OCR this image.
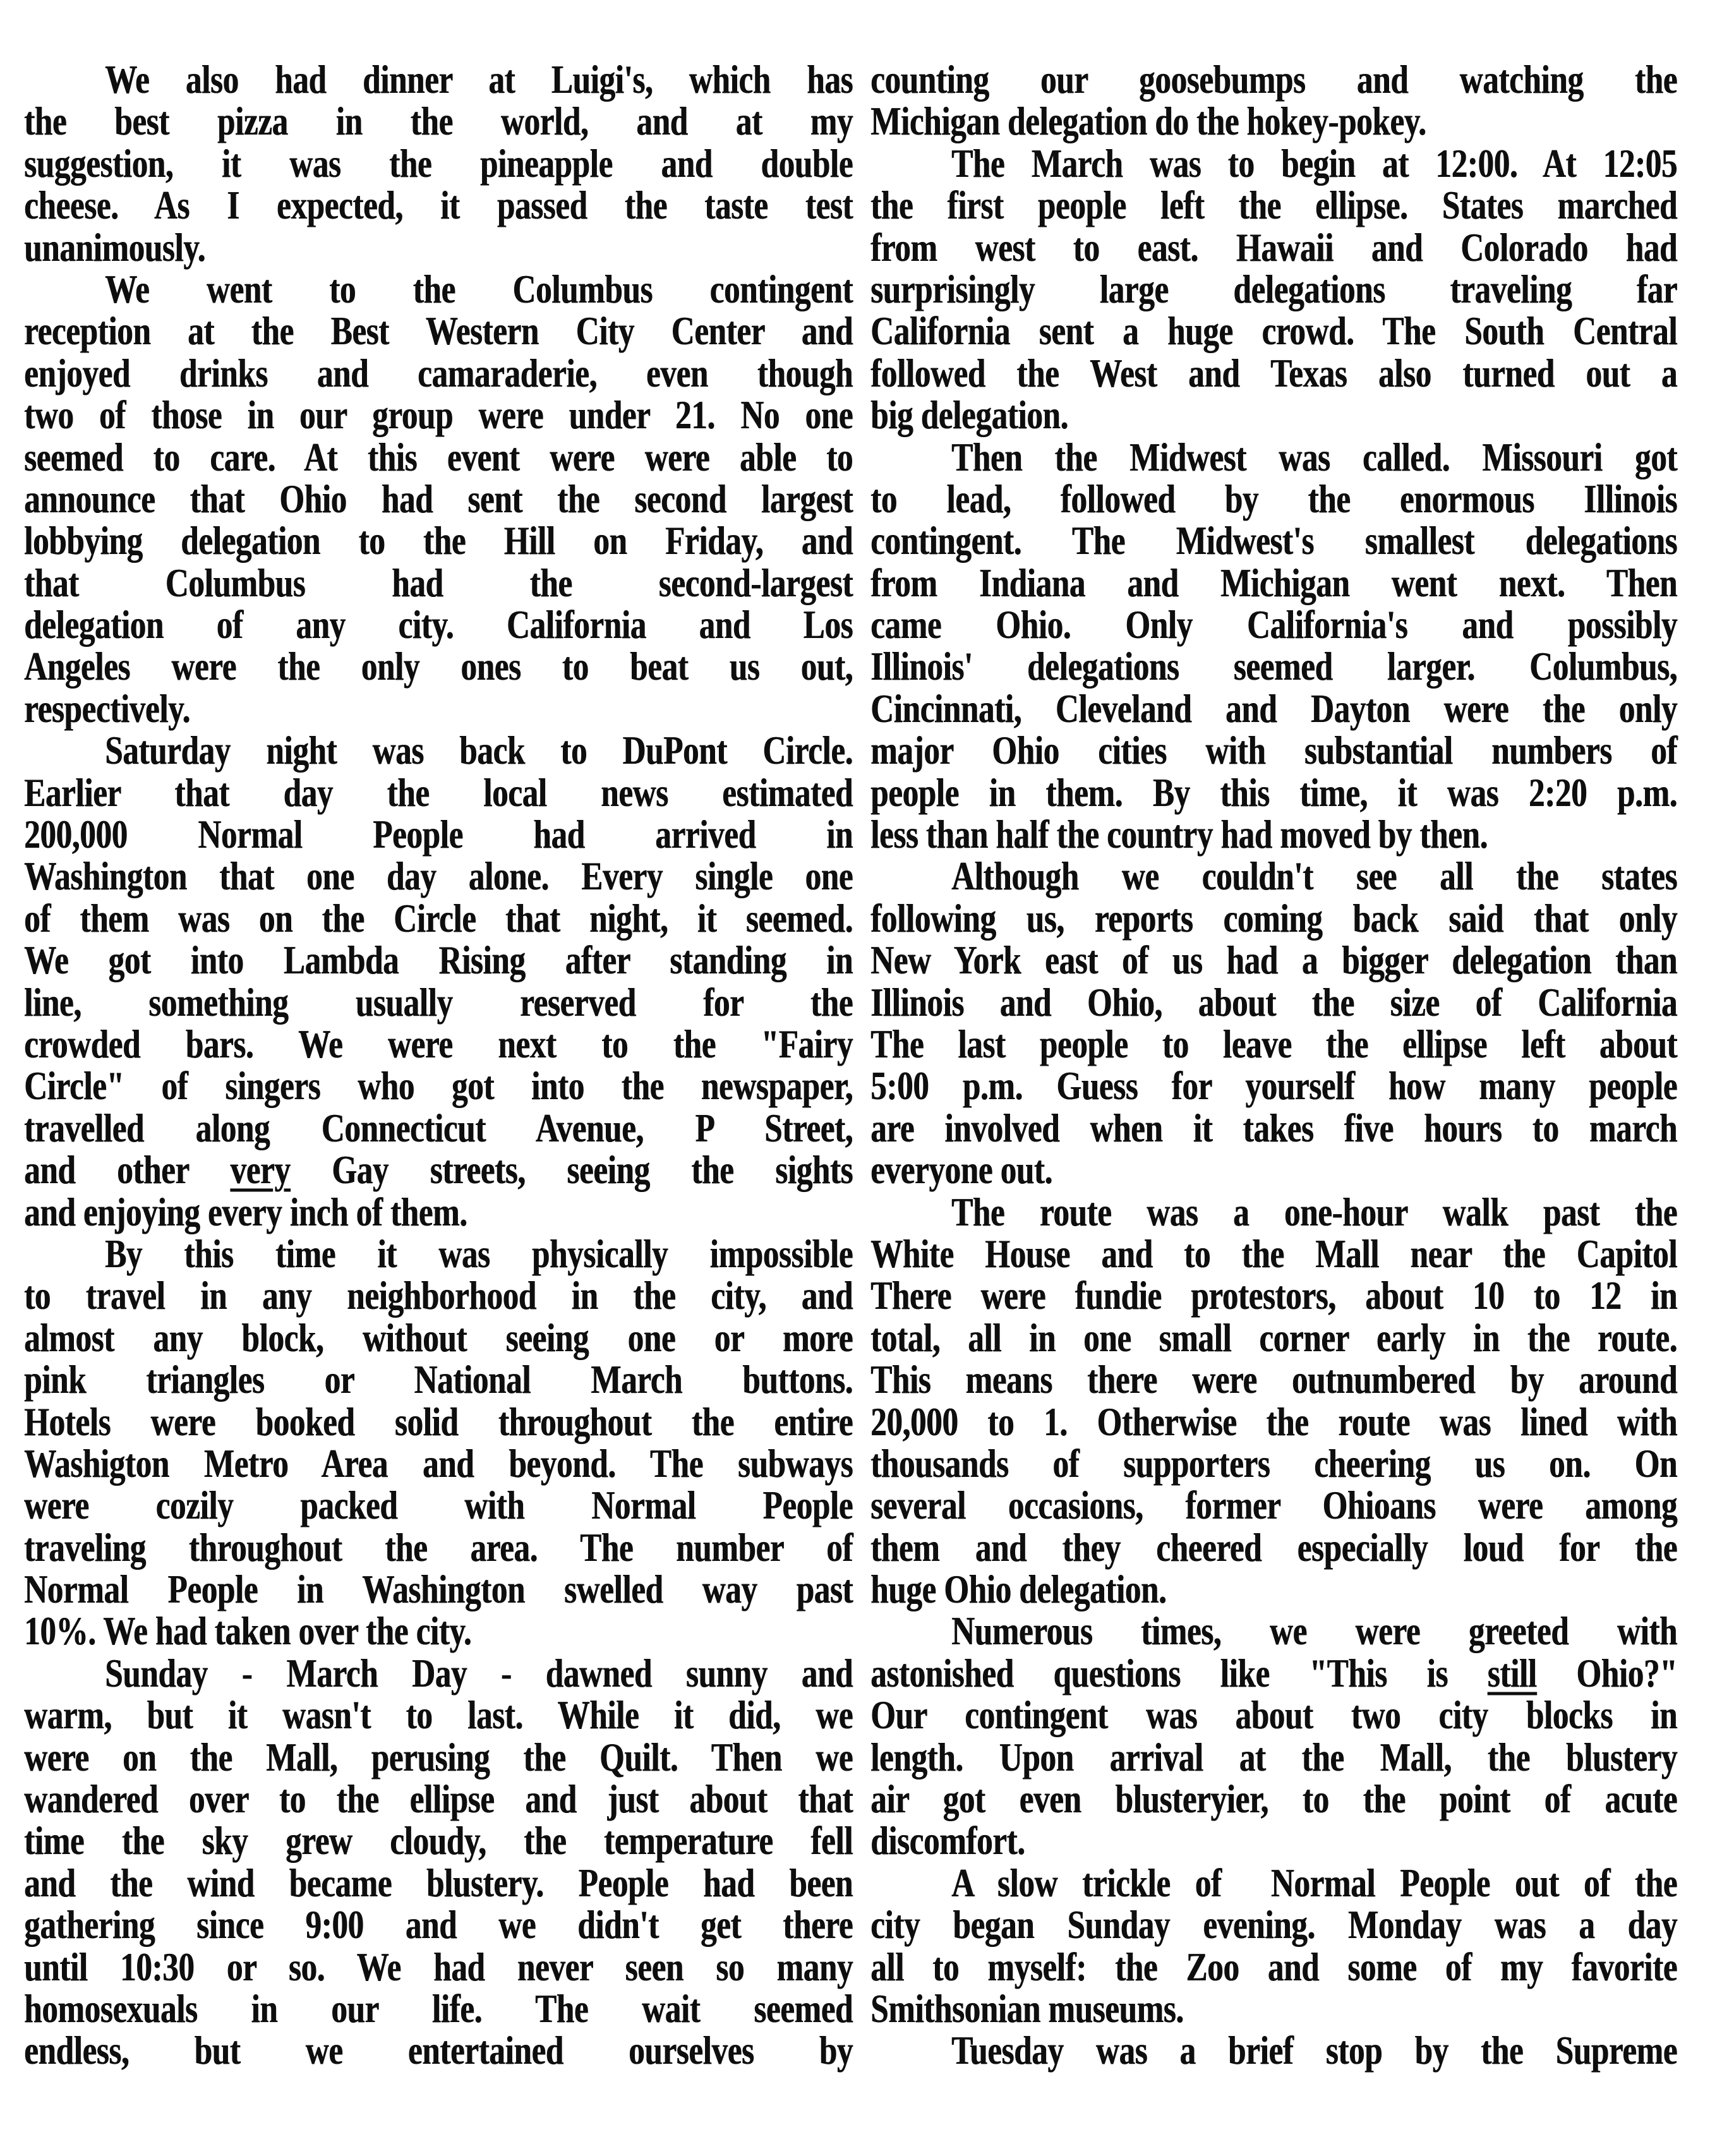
We also had dinner at Luigi's, which has
the best pizza in the world, and at my
suggestion, it was the pineapple and double
cheese. As I expected, it passed the taste test
unanimously.
We went to the Columbus contingent
reception at the Best Western City Center and
enjoyed drinks and camaraderie, even though
two of those in our group were under 21. No one
seemed to care. At this event were were able to
announce that Ohio had sent the second largest
lobbying delegation to the Hill on Friday, and
that Columbus had the second-largest
delegation of any city. California and Los
Angeles were the only ones to beat us out,
respectively.
Saturday night was back to DuPont Circle.
Earlier that day the local news estimated
200,000 Normal People had arrived in
Washington that one day alone. Every single one
of them was on the Circle that night, it seemed.
We got into Lambda Rising after standing in
line, something usually reserved for the
crowded bars. We were next to the "Fairy
Circle" of singers who got into the newspaper,
travelled along Connecticut Avenue, P Street,
and other very Gay streets, seeing the sights
and enjoying every inch of them.
By this time it was physically impossible
to travel in any neighborhood in the city, and
almost any block, without seeing one or more
pink triangles or National March buttons.
Hotels were booked solid throughout the entire
Washigton Metro Area and beyond. The subways
were cozily packed with Normal People
traveling throughout the area. The number of
Normal People in Washington swelled way past
10%. We had taken over the city.
Sunday - March Day - dawned sunny and
warm, but it wasn't to last. While it did, we
were on the Mall, perusing the Quilt. Then we
wandered over to the ellipse and just about that
time the sky grew cloudy, the temperature fell
and the wind became blustery. People had been
gathering since 9:00 and we didn't get there
until 10:30 or so. We had never seen so many
homosexuals in our life. The wait seemed
endless, but we entertained ourselves by
counting our goosebumps and watching the
Michigan delegation do the hokey-pokey.
The March was to begin at 12:00. At 12:05
the first people left the ellipse. States marched
from west to east. Hawaii and Colorado had
surprisingly large delegations traveling far
California sent a huge crowd. The South Central
followed the West and Texas also turned out a
big delegation.
Then the Midwest was called. Missouri got
to lead, followed by the enormous Illinois
contingent. The Midwest's smallest delegations
from Indiana and Michigan went next. Then
came Ohio. Only California's and possibly
Illinois' delegations seemed larger. Columbus,
Cincinnati, Cleveland and Dayton were the only
major Ohio cities with substantial numbers of
people in them. By this time, it was 2:20 p.m.
less than half the country had moved by then.
Although we couldn't see all the states
following us, reports coming back said that only
New York east of us had a bigger delegation than
Illinois and Ohio, about the size of California
The last people to leave the ellipse left about
5:00 p.m. Guess for yourself how many people
are involved when it takes five hours to march
everyone out.
The route was a one-hour walk past the
White House and to the Mall near the Capitol
There were fundie protestors, about 10 to 12 in
total, all in one small corner early in the route.
This means there were outnumbered by around
20,000 to 1. Otherwise the route was lined with
thousands of supporters cheering us on. On
several occasions, former Ohioans were among
them and they cheered especially loud for the
huge Ohio delegation.
Numerous times, we were greeted with
astonished questions like "This is still Ohio?"
Our contingent was about two city blocks in
length. Upon arrival at the Mall, the blustery
air got even blusteryier, to the point of acute
discomfort.
A slow trickle of  Normal People out of the
city began Sunday evening. Monday was a day
all to myself: the Zoo and some of my favorite
Smithsonian museums.
Tuesday was a brief stop by the Supreme
